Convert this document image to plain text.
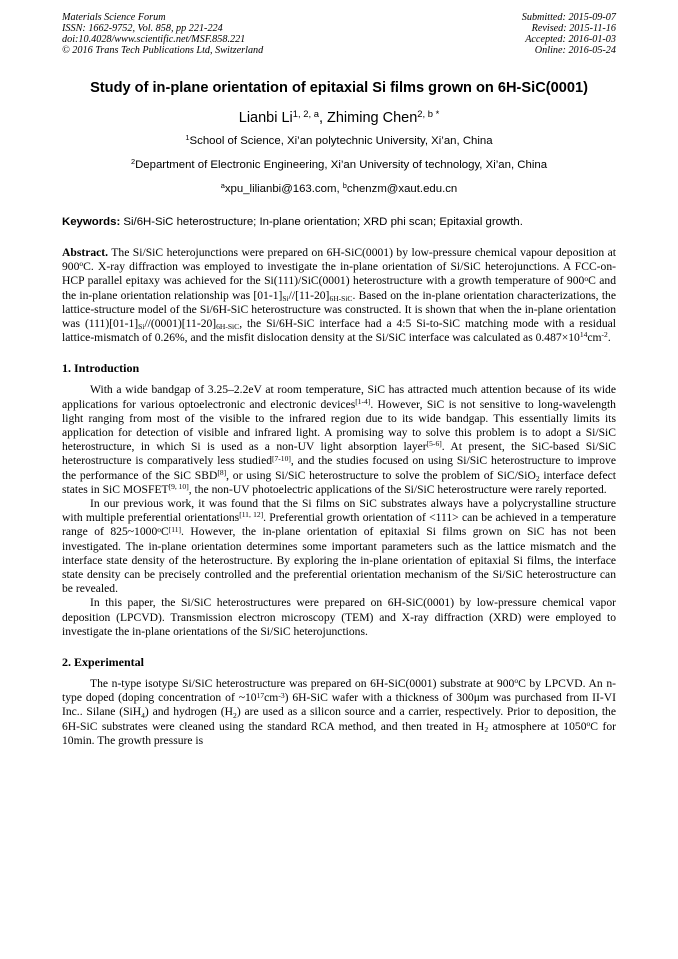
Materials Science Forum
ISSN: 1662-9752, Vol. 858, pp 221-224
doi:10.4028/www.scientific.net/MSF.858.221
© 2016 Trans Tech Publications Ltd, Switzerland
Submitted: 2015-09-07
Revised: 2015-11-16
Accepted: 2016-01-03
Online: 2016-05-24
Study of in-plane orientation of epitaxial Si films grown on 6H-SiC(0001)
Lianbi Li$^{1, 2, a}$, Zhiming Chen$^{2, b *}$
$^1$School of Science, Xi’an polytechnic University, Xi’an, China
$^2$Department of Electronic Engineering, Xi’an University of technology, Xi’an, China
$^a$xpu_lilianbi@163.com, $^b$chenzm@xaut.edu.cn
Keywords: Si/6H-SiC heterostructure; In-plane orientation; XRD phi scan; Epitaxial growth.

Abstract. The Si/SiC heterojunctions were prepared on 6H-SiC(0001) by low-pressure chemical vapour deposition at 900$^o$C. X-ray diffraction was employed to investigate the in-plane orientation of Si/SiC heterojunctions. A FCC-on-HCP parallel epitaxy was achieved for the Si(111)/SiC(0001) heterostructure with a growth temperature of 900$^o$C and the in-plane orientation relationship was $[01-1]_{Si}//[11-20]_{6H-SiC}$. Based on the in-plane orientation characterizations, the lattice-structure model of the Si/6H-SiC heterostructure was constructed. It is shown that when the in-plane orientation was $(111)[01-1]_{Si}//(0001)[11-20]_{6H-SiC}$, the Si/6H-SiC interface had a 4:5 Si-to-SiC matching mode with a residual lattice-mismatch of 0.26%, and the misfit dislocation density at the Si/SiC interface was calculated as $0.487\times 10^{14}cm^{-2}$.

1. Introduction

With a wide bandgap of 3.25–2.2eV at room temperature, SiC has attracted much attention because of its wide applications for various optoelectronic and electronic devices[1-4]. However, SiC is not sensitive to long-wavelength light ranging from most of the visible to the infrared region due to its wide bandgap. This essentially limits its application for detection of visible and infrared light. A promising way to solve this problem is to adopt a Si/SiC heterostructure, in which Si is used as a non-UV light absorption layer[5-6]. At present, the SiC-based Si/SiC heterostructure is comparatively less studied[7-10], and the studies focused on using Si/SiC heterostructure to improve the performance of the SiC SBD[8], or using Si/SiC heterostructure to solve the problem of SiC/SiO$_2$ interface defect states in SiC MOSFET[9, 10], the non-UV photoelectric applications of the Si/SiC heterostructure were rarely reported.

In our previous work, it was found that the Si films on SiC substrates always have a polycrystalline structure with multiple preferential orientations[11, 12]. Preferential growth orientation of <111> can be achieved in a temperature range of 825~1000$^o$C[11]. However, the in-plane orientation of epitaxial Si films grown on SiC has not been investigated. The in-plane orientation determines some important parameters such as the lattice mismatch and the interface state density of the heterostructure. By exploring the in-plane orientation of epitaxial Si films, the interface state density can be precisely controlled and the preferential orientation mechanism of the Si/SiC heterostructure can be revealed.

In this paper, the Si/SiC heterostructures were prepared on 6H-SiC(0001) by low-pressure chemical vapor deposition (LPCVD). Transmission electron microscopy (TEM) and X-ray diffraction (XRD) were employed to investigate the in-plane orientations of the Si/SiC heterojunctions.

2. Experimental

The n-type isotype Si/SiC heterostructure was prepared on 6H-SiC(0001) substrate at 900$^o$C by LPCVD. An n-type doped (doping concentration of $\sim 10^{17}cm^{-3}$) 6H-SiC wafer with a thickness of 300μm was purchased from II-VI Inc.. Silane (SiH$_4$) and hydrogen $(H_2)$ are used as a silicon source and a carrier, respectively. Prior to deposition, the 6H-SiC substrates were cleaned using the standard RCA method, and then treated in $H_2$ atmosphere at 1050$^o$C for 10min. The growth pressure is
